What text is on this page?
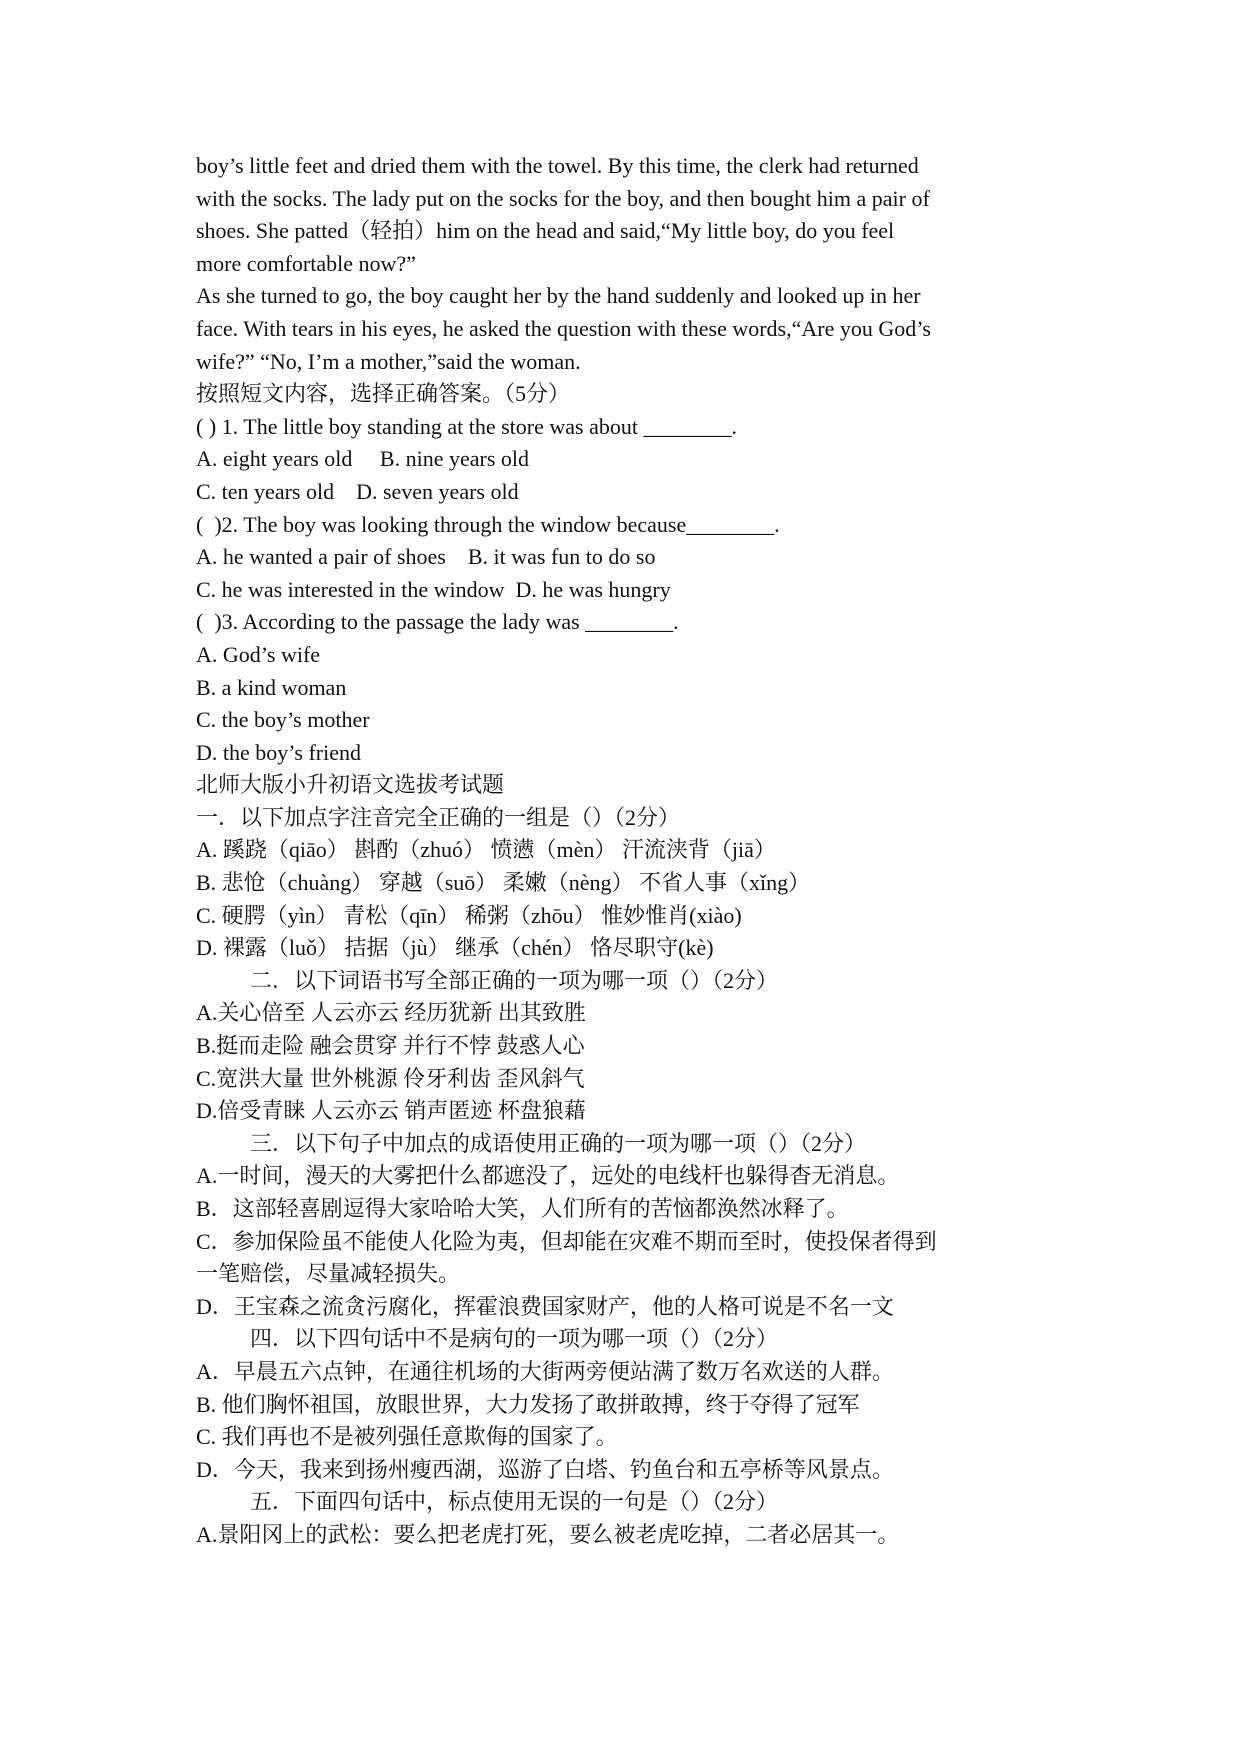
boy’s little feet and dried them with the towel. By this time, the clerk had returned
with the socks. The lady put on the socks for the boy, and then bought him a pair of
shoes. She patted（轻拍）him on the head and said,“My little boy, do you feel
more comfortable now?”
As she turned to go, the boy caught her by the hand suddenly and looked up in her
face. With tears in his eyes, he asked the question with these words,“Are you God’s
wife?” “No, I’m a mother,”said the woman.
按照短文内容，选择正确答案。（5分）
( ) 1. The little boy standing at the store was about ________.
A. eight years old     B. nine years old
C. ten years old    D. seven years old
(  )2. The boy was looking through the window because________.
A. he wanted a pair of shoes    B. it was fun to do so
C. he was interested in the window  D. he was hungry
(  )3. According to the passage the lady was ________.
A. God’s wife
B. a kind woman
C. the boy’s mother
D. the boy’s friend
北师大版小升初语文选拔考试题
一．以下加点字注音完全正确的一组是（）（2分）
A. 蹊跷（qiāo） 斟酌（zhuó） 愤懑（mèn） 汗流浃背（jiā）
B. 悲怆（chuàng） 穿越（suō） 柔嫩（nèng） 不省人事（xǐng）
C. 硬腭（yìn） 青松（qīn） 稀粥（zhōu） 惟妙惟肖(xiào)
D. 裸露（luǒ） 拮据（jù） 继承（chén） 恪尽职守(kè)
二．以下词语书写全部正确的一项为哪一项（）（2分）
A.关心倍至 人云亦云 经历犹新 出其致胜
B.挺而走险 融会贯穿 并行不悖 鼓惑人心
C.宽洪大量 世外桃源 伶牙利齿 歪风斜气
D.倍受青睐 人云亦云 销声匿迹 杯盘狼藉
三．以下句子中加点的成语使用正确的一项为哪一项（）（2分）
A.一时间，漫天的大雾把什么都遮没了，远处的电线杆也躲得杳无消息。
B．这部轻喜剧逗得大家哈哈大笑，人们所有的苦恼都涣然冰释了。
C．参加保险虽不能使人化险为夷，但却能在灾难不期而至时，使投保者得到
一笔赔偿，尽量减轻损失。
D．王宝森之流贪污腐化，挥霍浪费国家财产，他的人格可说是不名一文
四．以下四句话中不是病句的一项为哪一项（）（2分）
A．早晨五六点钟，在通往机场的大街两旁便站满了数万名欢送的人群。
B. 他们胸怀祖国，放眼世界，大力发扬了敢拼敢搏，终于夺得了冠军
C. 我们再也不是被列强任意欺侮的国家了。
D．今天，我来到扬州瘦西湖，巡游了白塔、钓鱼台和五亭桥等风景点。
五．下面四句话中，标点使用无误的一句是（）（2分）
A.景阳冈上的武松：要么把老虎打死，要么被老虎吃掉，二者必居其一。
